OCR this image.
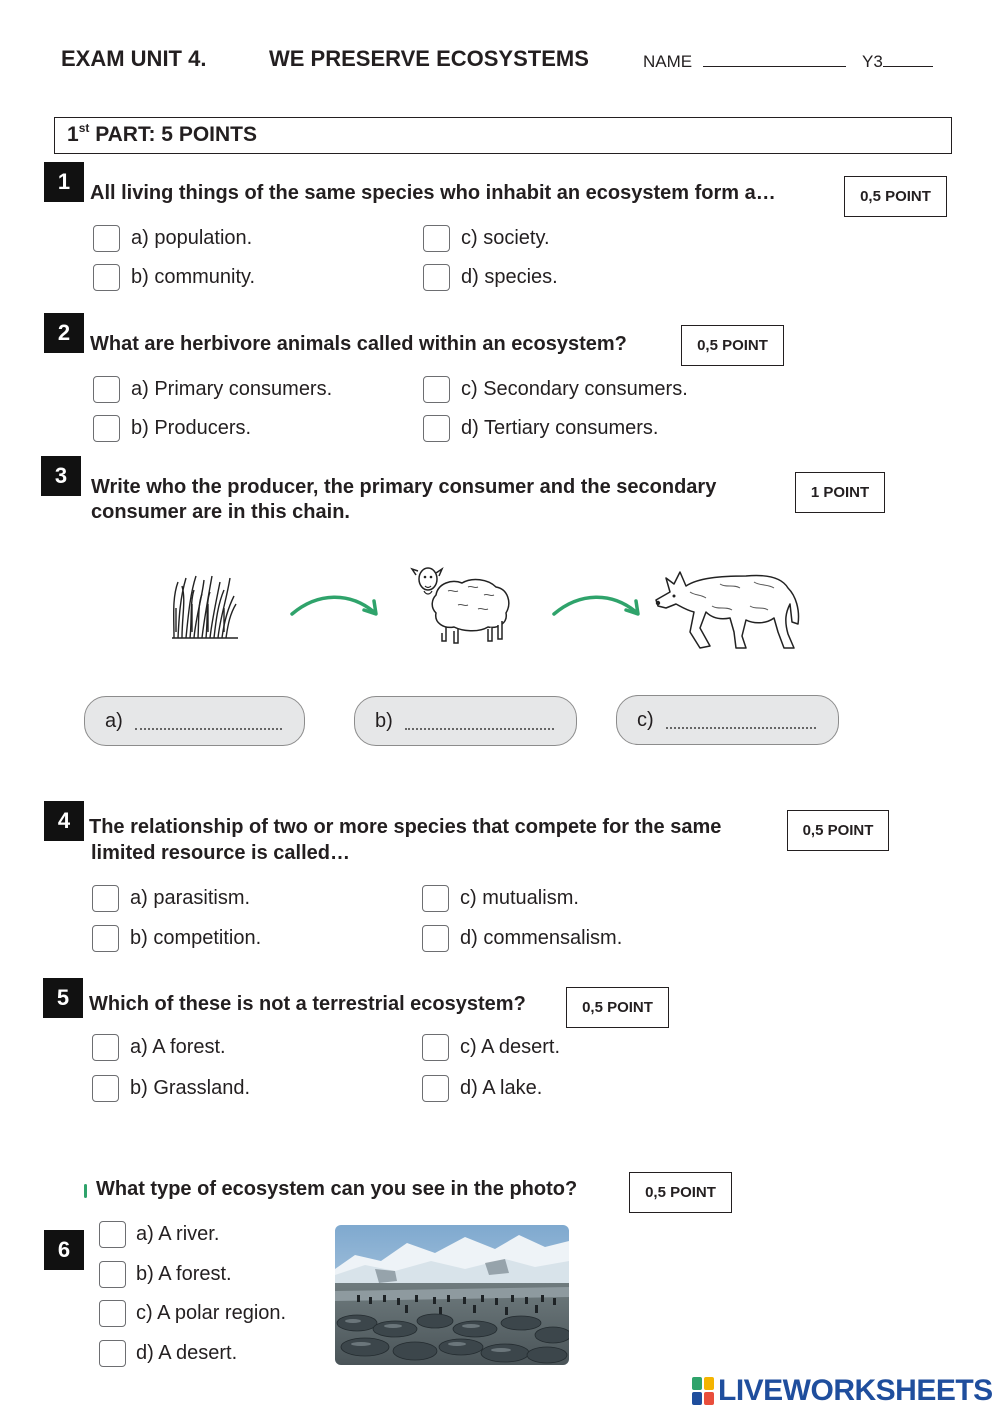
EXAM UNIT 4.	WE PRESERVE ECOSYSTEMS	NAME	Y3
1st PART: 5 POINTS
1 All living things of the same species who inhabit an ecosystem form a…	0,5 POINT
a) population.
b) community.
c) society.
d) species.
2 What are herbivore animals called within an ecosystem?	0,5 POINT
a) Primary consumers.
b) Producers.
c) Secondary consumers.
d) Tertiary consumers.
3	Write who the producer, the primary consumer and the secondary
consumer are in this chain.
1 POINT
a)	b)	c)
4 The relationship of two or more species that compete for the same
limited resource is called…
0,5 POINT
a) parasitism.
b) competition.
c) mutualism.
d) commensalism.
5 Which of these is not a terrestrial ecosystem?	0,5 POINT
a) A forest.
b) Grassland.
c) A desert.
d) A lake.
What type of ecosystem can you see in the photo?	0,5 POINT
6
a) A river.
b) A forest.
c) A polar region.
d) A desert.
LIVEWORKSHEETS
